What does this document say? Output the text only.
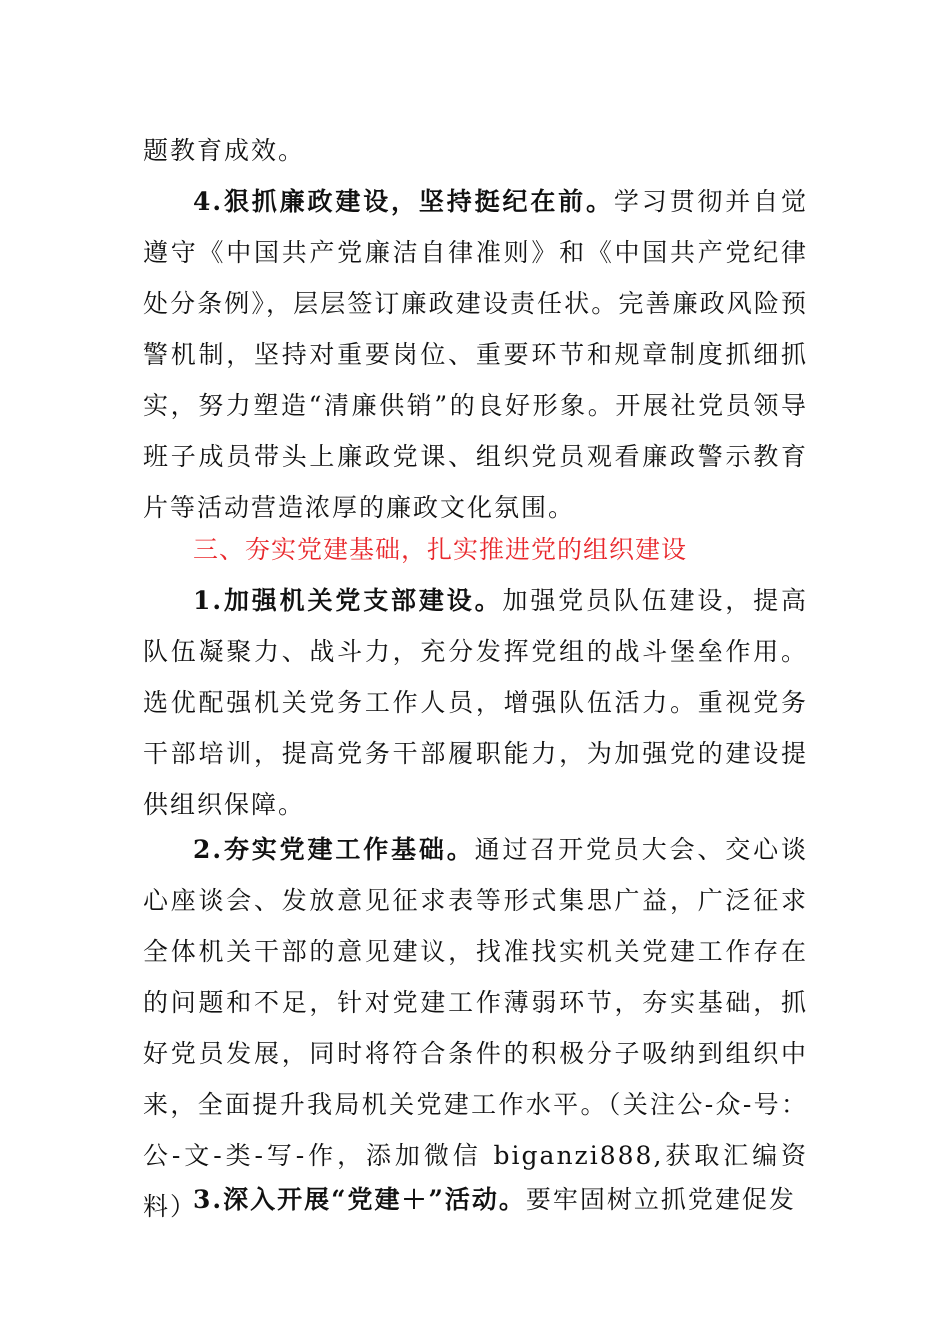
题教育成效。

4.狠抓廉政建设，坚持挺纪在前。学习贯彻并自觉遵守《中国共产党廉洁自律准则》和《中国共产党纪律处分条例》，层层签订廉政建设责任状。完善廉政风险预警机制，坚持对重要岗位、重要环节和规章制度抓细抓实，努力塑造“清廉供销”的良好形象。开展社党员领导班子成员带头上廉政党课、组织党员观看廉政警示教育片等活动营造浓厚的廉政文化氛围。

三、夯实党建基础，扎实推进党的组织建设

1.加强机关党支部建设。加强党员队伍建设，提高队伍凝聚力、战斗力，充分发挥党组的战斗堡垒作用。选优配强机关党务工作人员，增强队伍活力。重视党务干部培训，提高党务干部履职能力，为加强党的建设提供组织保障。

2.夯实党建工作基础。通过召开党员大会、交心谈心座谈会、发放意见征求表等形式集思广益，广泛征求全体机关干部的意见建议，找准找实机关党建工作存在的问题和不足，针对党建工作薄弱环节，夯实基础，抓好党员发展，同时将符合条件的积极分子吸纳到组织中来，全面提升我局机关党建工作水平。（关注公-众-号：公-文-类-写-作，添加微信 biganzi888,获取汇编资料）

3.深入开展“党建＋”活动。要牢固树立抓党建促发
